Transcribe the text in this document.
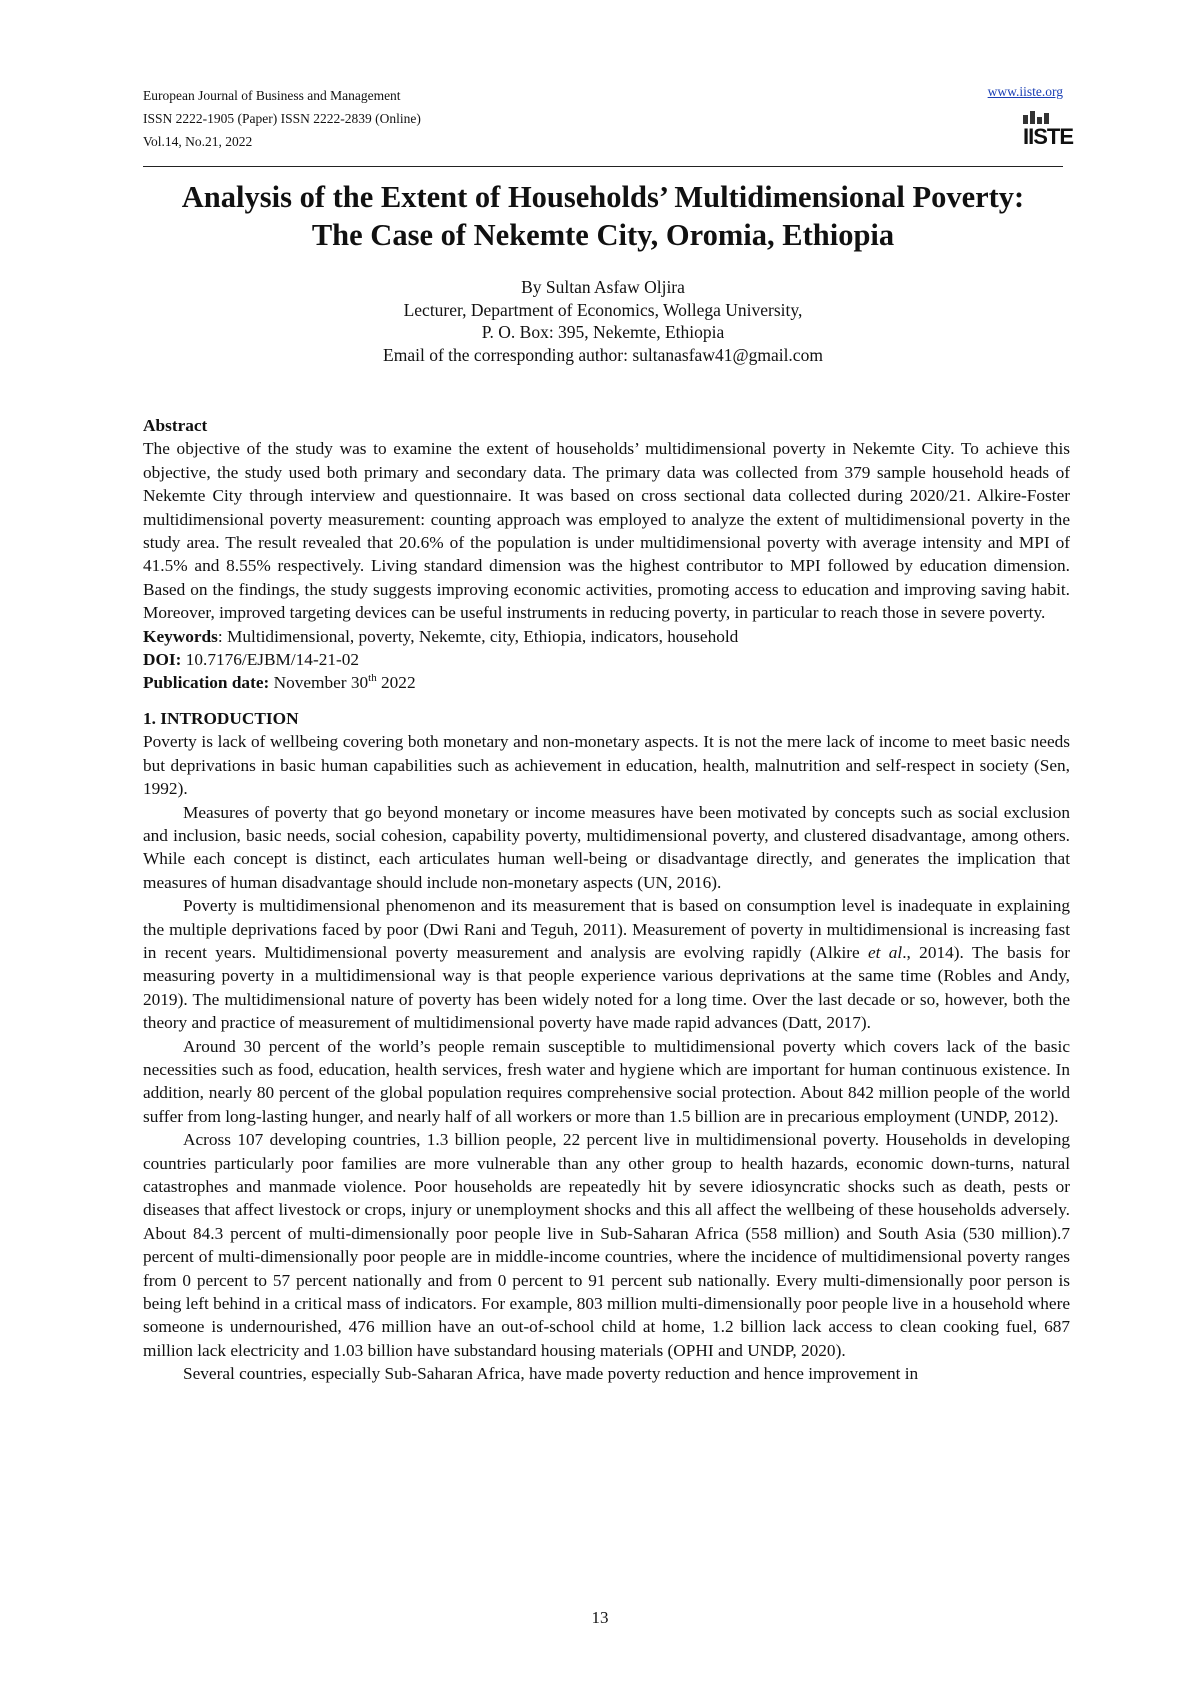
European Journal of Business and Management
ISSN 2222-1905 (Paper) ISSN 2222-2839 (Online)
Vol.14, No.21, 2022
www.iiste.org
IISTE
Analysis of the Extent of Households’ Multidimensional Poverty:
The Case of Nekemte City, Oromia, Ethiopia
By Sultan Asfaw Oljira
Lecturer, Department of Economics, Wollega University,
P. O. Box: 395, Nekemte, Ethiopia
Email of the corresponding author: sultanasfaw41@gmail.com

Abstract

The objective of the study was to examine the extent of households’ multidimensional poverty in Nekemte City. To achieve this objective, the study used both primary and secondary data. The primary data was collected from 379 sample household heads of Nekemte City through interview and questionnaire. It was based on cross sectional data collected during 2020/21. Alkire-Foster multidimensional poverty measurement: counting approach was employed to analyze the extent of multidimensional poverty in the study area. The result revealed that 20.6% of the population is under multidimensional poverty with average intensity and MPI of 41.5% and 8.55% respectively. Living standard dimension was the highest contributor to MPI followed by education dimension. Based on the findings, the study suggests improving economic activities, promoting access to education and improving saving habit. Moreover, improved targeting devices can be useful instruments in reducing poverty, in particular to reach those in severe poverty.

Keywords: Multidimensional, poverty, Nekemte, city, Ethiopia, indicators, household

DOI: 10.7176/EJBM/14-21-02

Publication date: November 30th 2022

1. INTRODUCTION

Poverty is lack of wellbeing covering both monetary and non-monetary aspects. It is not the mere lack of income to meet basic needs but deprivations in basic human capabilities such as achievement in education, health, malnutrition and self-respect in society (Sen, 1992).

Measures of poverty that go beyond monetary or income measures have been motivated by concepts such as social exclusion and inclusion, basic needs, social cohesion, capability poverty, multidimensional poverty, and clustered disadvantage, among others. While each concept is distinct, each articulates human well-being or disadvantage directly, and generates the implication that measures of human disadvantage should include non-monetary aspects (UN, 2016).

Poverty is multidimensional phenomenon and its measurement that is based on consumption level is inadequate in explaining the multiple deprivations faced by poor (Dwi Rani and Teguh, 2011). Measurement of poverty in multidimensional is increasing fast in recent years. Multidimensional poverty measurement and analysis are evolving rapidly (Alkire et al., 2014). The basis for measuring poverty in a multidimensional way is that people experience various deprivations at the same time (Robles and Andy, 2019). The multidimensional nature of poverty has been widely noted for a long time. Over the last decade or so, however, both the theory and practice of measurement of multidimensional poverty have made rapid advances (Datt, 2017).

Around 30 percent of the world’s people remain susceptible to multidimensional poverty which covers lack of the basic necessities such as food, education, health services, fresh water and hygiene which are important for human continuous existence. In addition, nearly 80 percent of the global population requires comprehensive social protection. About 842 million people of the world suffer from long-lasting hunger, and nearly half of all workers or more than 1.5 billion are in precarious employment (UNDP, 2012).

Across 107 developing countries, 1.3 billion people, 22 percent live in multidimensional poverty. Households in developing countries particularly poor families are more vulnerable than any other group to health hazards, economic down-turns, natural catastrophes and manmade violence. Poor households are repeatedly hit by severe idiosyncratic shocks such as death, pests or diseases that affect livestock or crops, injury or unemployment shocks and this all affect the wellbeing of these households adversely. About 84.3 percent of multi-dimensionally poor people live in Sub-Saharan Africa (558 million) and South Asia (530 million).7 percent of multi-dimensionally poor people are in middle-income countries, where the incidence of multidimensional poverty ranges from 0 percent to 57 percent nationally and from 0 percent to 91 percent sub nationally. Every multi-dimensionally poor person is being left behind in a critical mass of indicators. For example, 803 million multi-dimensionally poor people live in a household where someone is undernourished, 476 million have an out-of-school child at home, 1.2 billion lack access to clean cooking fuel, 687 million lack electricity and 1.03 billion have substandard housing materials (OPHI and UNDP, 2020).

Several countries, especially Sub-Saharan Africa, have made poverty reduction and hence improvement in

13
